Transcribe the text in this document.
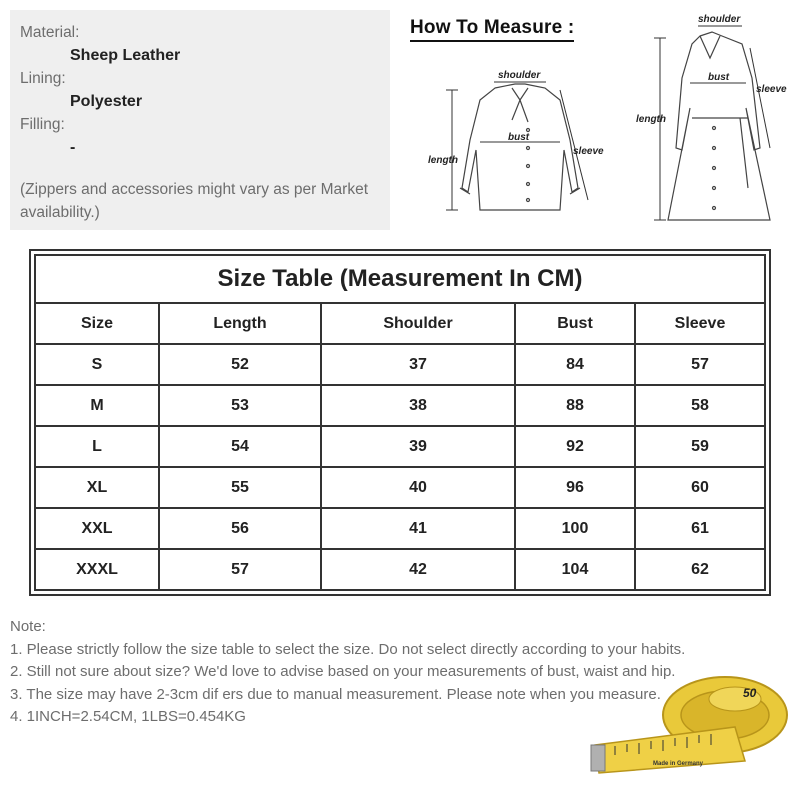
Material:
Sheep Leather
Lining:
Polyester
Filling:
-
(Zippers and accessories might vary as per Market availability.)
How To Measure :
shoulder
bust
length
sleeve
shoulder
bust
length
sleeve
Size Table (Measurement In CM)				
Size	Length	Shoulder	Bust	Sleeve
S	52	37	84	57
M	53	38	88	58
L	54	39	92	59
XL	55	40	96	60
XXL	56	41	100	61
XXXL	57	42	104	62
Note:
1. Please strictly follow the size table to select the size. Do not select directly according to your habits.
2. Still not sure about size? We'd love to advise based on your measurements of bust, waist and hip.
3. The size may have 2-3cm dif ers due to manual measurement. Please note when you measure.
4. 1INCH=2.54CM, 1LBS=0.454KG
50
Made in Germany
